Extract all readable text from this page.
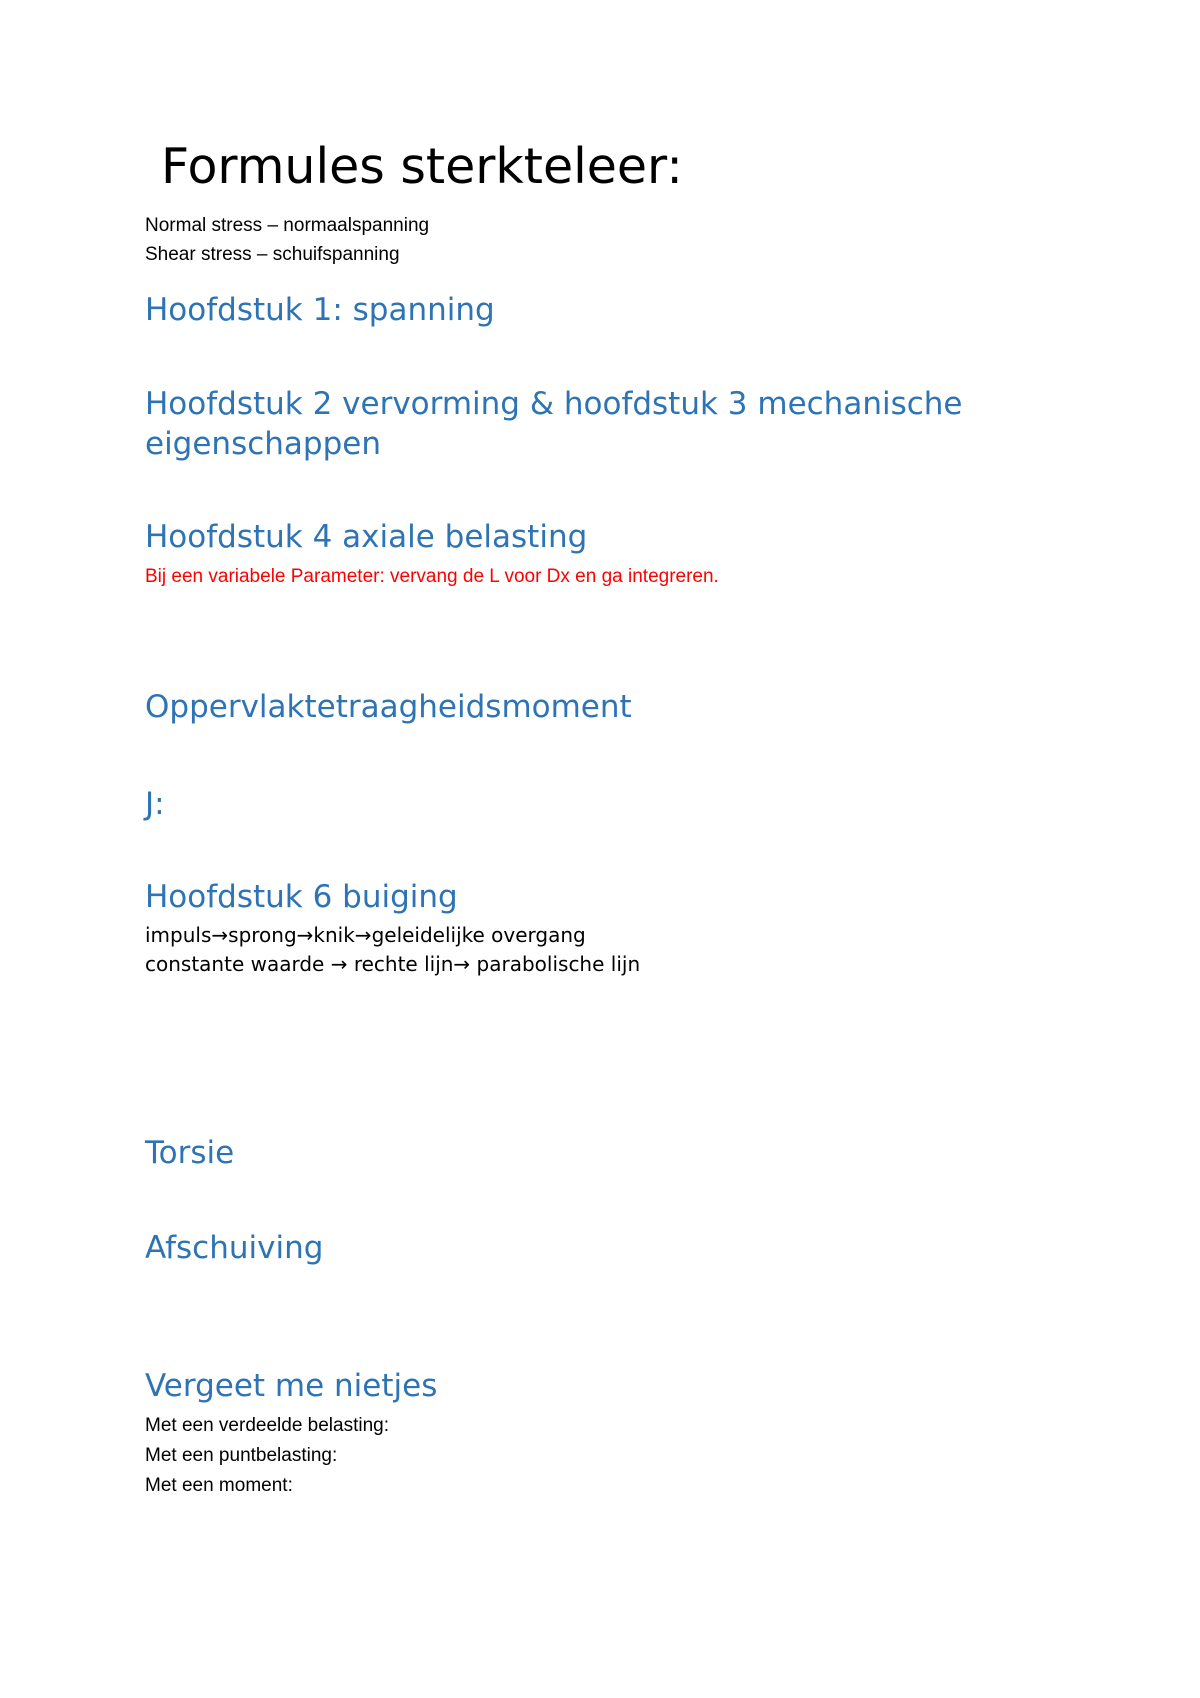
Formules sterkteleer:

Normal stress – normaalspanning

Shear stress – schuifspanning

Hoofdstuk 1: spanning
Hoofdstuk 2 vervorming & hoofdstuk 3 mechanische
eigenschappen
Hoofdstuk 4 axiale belasting

Bij een variabele Parameter: vervang de L voor Dx en ga integreren.

Oppervlaktetraagheidsmoment
J:
Hoofdstuk 6 buiging

impuls→sprong→knik→geleidelijke overgang

constante waarde → rechte lijn→ parabolische lijn

Torsie
Afschuiving
Vergeet me nietjes

Met een verdeelde belasting:

Met een puntbelasting:

Met een moment:
